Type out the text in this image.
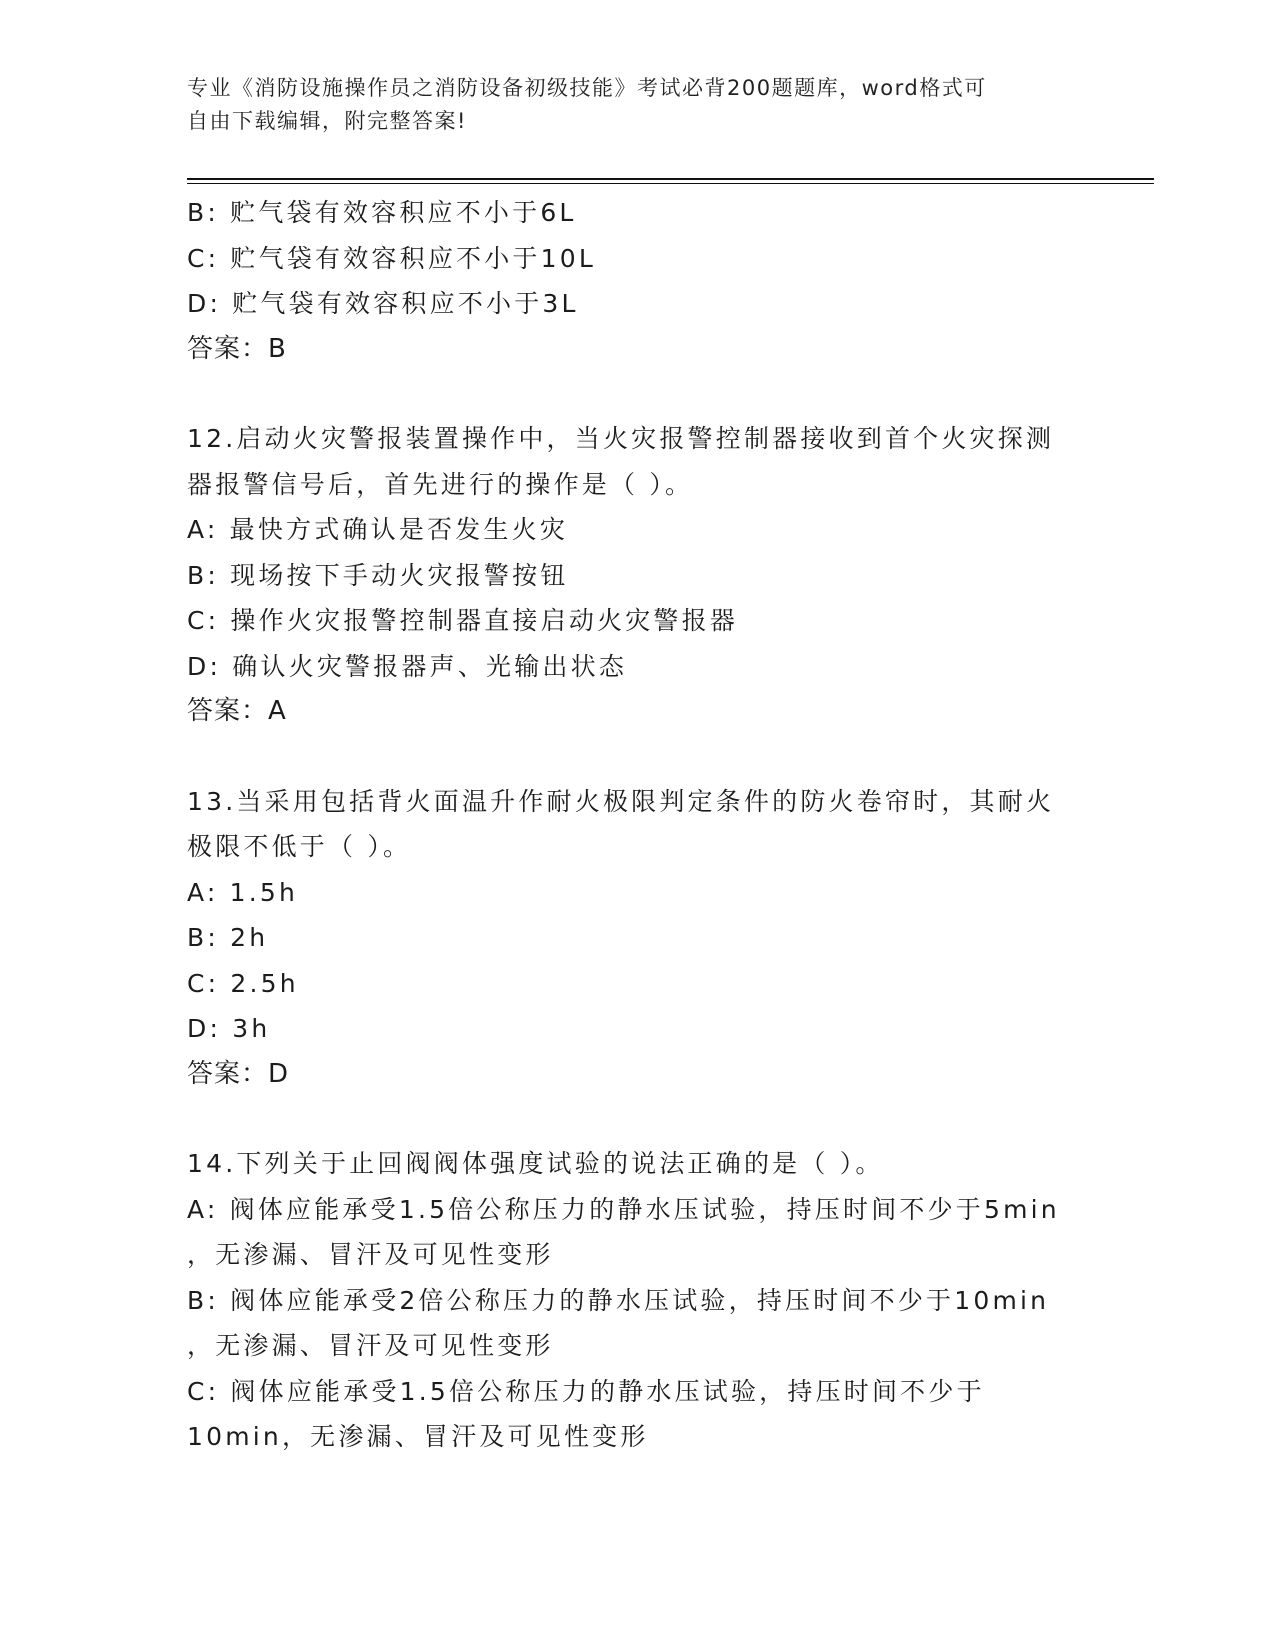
专业《消防设施操作员之消防设备初级技能》考试必背200题题库，word格式可
自由下载编辑，附完整答案!
B: 贮气袋有效容积应不小于6L
C: 贮气袋有效容积应不小于10L
D: 贮气袋有效容积应不小于3L
答案：B
12.启动火灾警报装置操作中，当火灾报警控制器接收到首个火灾探测
器报警信号后，首先进行的操作是（ ）。
A: 最快方式确认是否发生火灾
B: 现场按下手动火灾报警按钮
C: 操作火灾报警控制器直接启动火灾警报器
D: 确认火灾警报器声、光输出状态
答案：A
13.当采用包括背火面温升作耐火极限判定条件的防火卷帘时，其耐火
极限不低于（ ）。
A: 1.5h
B: 2h
C: 2.5h
D: 3h
答案：D
14.下列关于止回阀阀体强度试验的说法正确的是（ ）。
A: 阀体应能承受1.5倍公称压力的静水压试验，持压时间不少于5min
，无渗漏、冒汗及可见性变形
B: 阀体应能承受2倍公称压力的静水压试验，持压时间不少于10min
，无渗漏、冒汗及可见性变形
C: 阀体应能承受1.5倍公称压力的静水压试验，持压时间不少于
10min，无渗漏、冒汗及可见性变形
